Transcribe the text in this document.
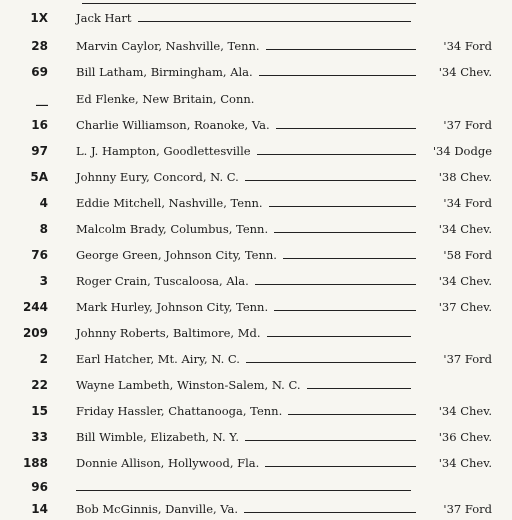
1X Jack Hart
28 Marvin Caylor, Nashville, Tenn.	'34 Ford
69 Bill Latham, Birmingham, Ala.	'34 Chev.
__ Ed Flenke, New Britain, Conn.
16 Charlie Williamson, Roanoke, Va.	'37 Ford
97 L. J. Hampton, Goodlettesville	'34 Dodge
5A Johnny Eury, Concord, N. C.	'38 Chev.
4 Eddie Mitchell, Nashville, Tenn.	'34 Ford
8 Malcolm Brady, Columbus, Tenn.	'34 Chev.
76 George Green, Johnson City, Tenn.	'58 Ford
3 Roger Crain, Tuscaloosa, Ala.	'34 Chev.
244 Mark Hurley, Johnson City, Tenn.	'37 Chev.
209 Johnny Roberts, Baltimore, Md.
2 Earl Hatcher, Mt. Airy, N. C.	'37 Ford
22 Wayne Lambeth, Winston-Salem, N. C.
15 Friday Hassler, Chattanooga, Tenn.	'34 Chev.
33 Bill Wimble, Elizabeth, N. Y.	'36 Chev.
188 Donnie Allison, Hollywood, Fla.	'34 Chev.
96
14 Bob McGinnis, Danville, Va.	'37 Ford
